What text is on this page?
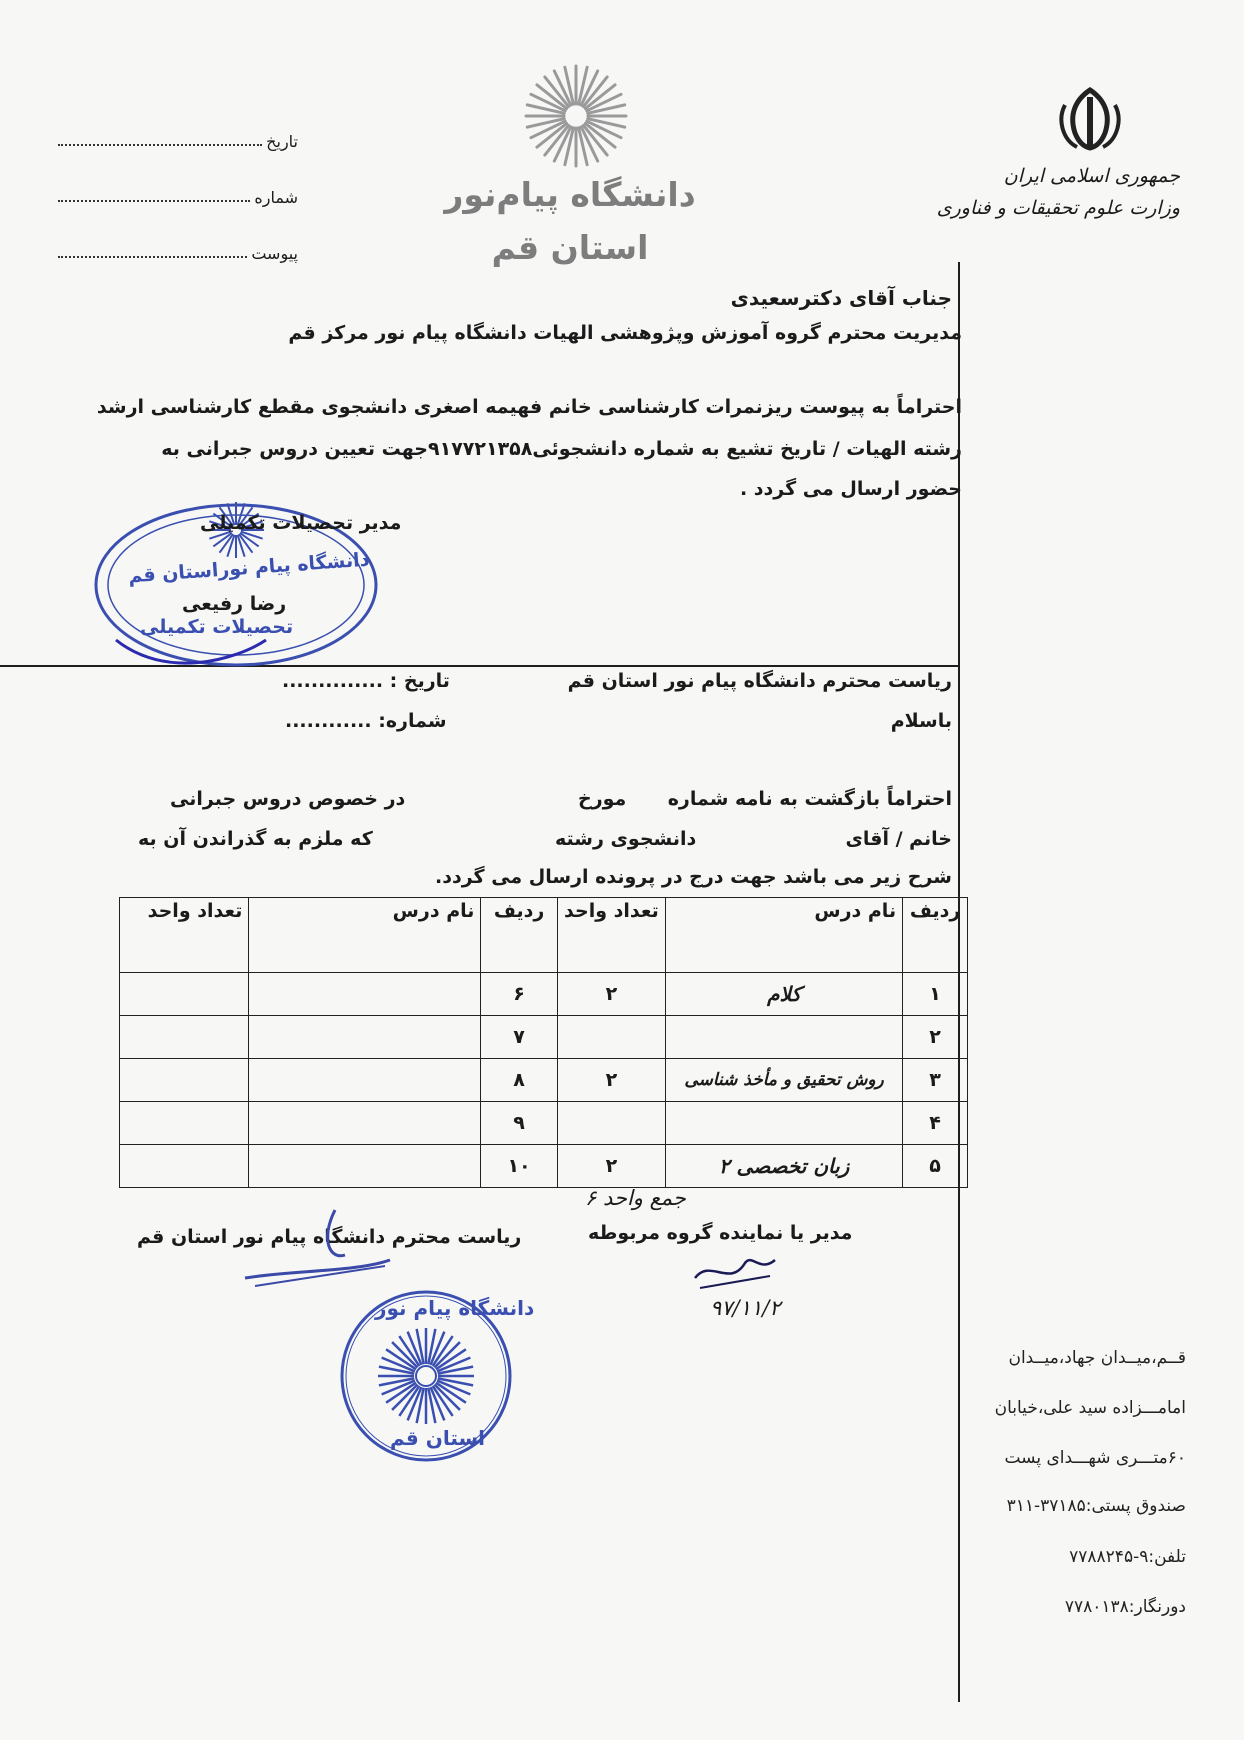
جمهوری اسلامی ایران
وزارت علوم تحقیقات و فناوری
دانشگاه پیام‌نور
استان قم
تاریخ
شماره
پیوست
جناب آقای دکترسعیدی
مدیریت محترم گروه آموزش وپژوهشی الهیات دانشگاه پیام نور مرکز قم
احتراماً به پیوست ریزنمرات کارشناسی خانم فهیمه اصغری دانشجوی مقطع کارشناسی ارشد
رشته الهیات / تاریخ تشیع به شماره دانشجوئی۹۱۷۷۲۱۳۵۸جهت تعیین دروس جبرانی به
حضور ارسال می گردد .
مدیر تحصیلات تکمیلی
دانشگاه پیام نوراستان قم
رضا رفیعی
تحصیلات تکمیلی
ریاست محترم دانشگاه پیام نور استان قم
باسلام
تاریخ : ..............
شماره: ............
احتراماً بازگشت به نامه شماره
مورخ
در خصوص دروس جبرانی
خانم / آقای
دانشجوی رشته
که ملزم به گذراندن آن به
شرح زیر می باشد جهت درج در پرونده ارسال می گردد.
ردیف	نام درس	تعداد واحد	ردیف	نام درس	تعداد واحد
۱	کلام	۲	۶		
۲			۷		
۳	روش تحقیق و مأخذ شناسی	۲	۸		
۴			۹		
۵	زبان تخصصی ۲	۲	۱۰		
جمع واحد ۶
مدیر یا نماینده گروه مربوطه
۹۷/۱۱/۲
ریاست محترم دانشگاه پیام نور استان قم
دانشگاه پیام نور
استان قم
قــم،میــدان جهاد،میــدان
امامـــزاده سید علی،خیابان
۶۰متـــری شهـــدای پست
صندوق پستی:۳۷۱۸۵-۳۱۱
تلفن:۹-۷۷۸۸۲۴۵
دورنگار:۷۷۸۰۱۳۸
